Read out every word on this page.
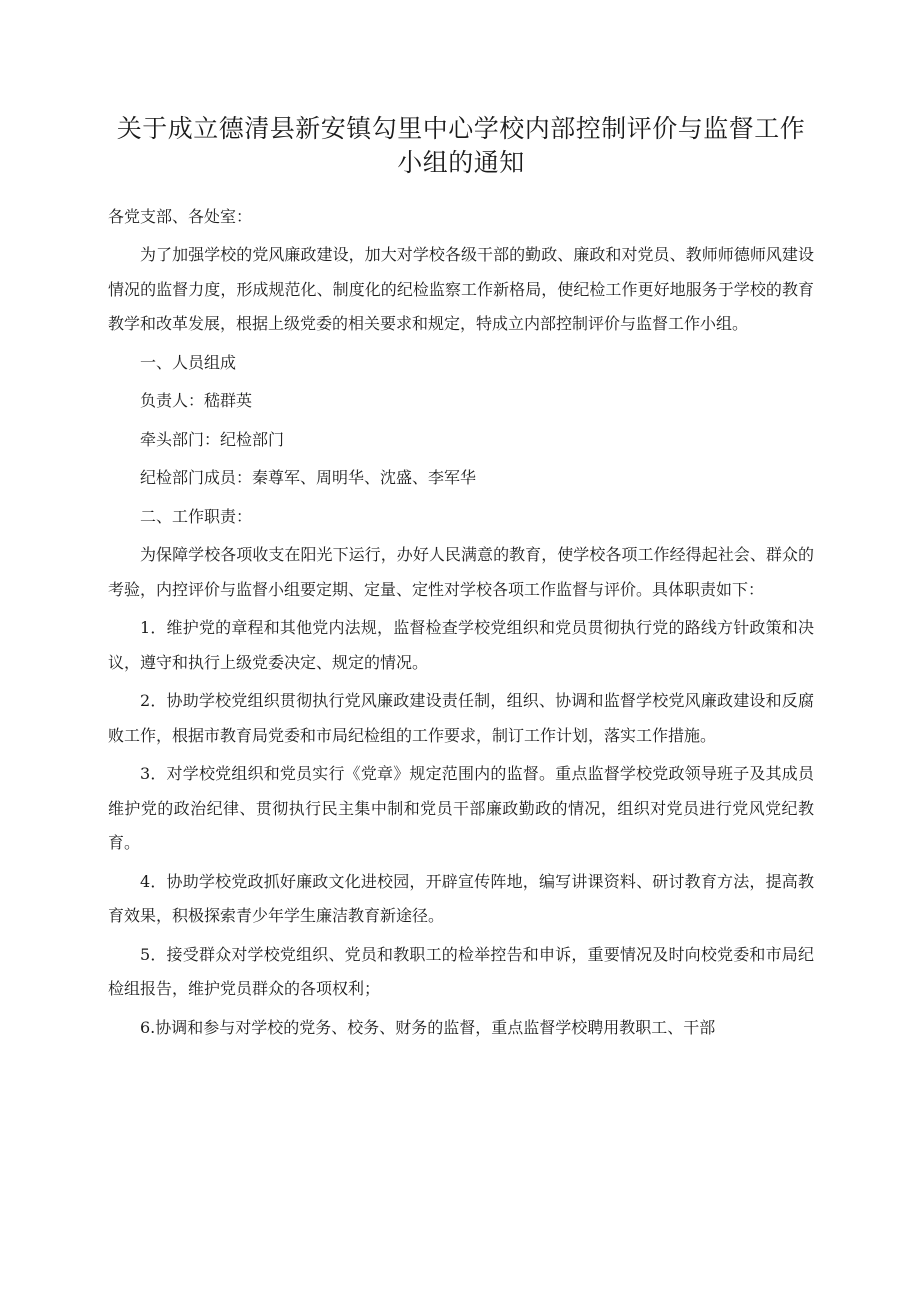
关于成立德清县新安镇勾里中心学校内部控制评价与监督工作小组的通知
各党支部、各处室：

为了加强学校的党风廉政建设，加大对学校各级干部的勤政、廉政和对党员、教师师德师风建设情况的监督力度，形成规范化、制度化的纪检监察工作新格局，使纪检工作更好地服务于学校的教育教学和改革发展，根据上级党委的相关要求和规定，特成立内部控制评价与监督工作小组。

一、人员组成

负责人：嵇群英

牵头部门：纪检部门

纪检部门成员：秦尊军、周明华、沈盛、李军华

二、工作职责：

为保障学校各项收支在阳光下运行，办好人民满意的教育，使学校各项工作经得起社会、群众的考验，内控评价与监督小组要定期、定量、定性对学校各项工作监督与评价。具体职责如下：

1．维护党的章程和其他党内法规，监督检查学校党组织和党员贯彻执行党的路线方针政策和决议，遵守和执行上级党委决定、规定的情况。

2．协助学校党组织贯彻执行党风廉政建设责任制，组织、协调和监督学校党风廉政建设和反腐败工作，根据市教育局党委和市局纪检组的工作要求，制订工作计划，落实工作措施。

3．对学校党组织和党员实行《党章》规定范围内的监督。重点监督学校党政领导班子及其成员维护党的政治纪律、贯彻执行民主集中制和党员干部廉政勤政的情况，组织对党员进行党风党纪教育。

4．协助学校党政抓好廉政文化进校园，开辟宣传阵地，编写讲课资料、研讨教育方法，提高教育效果，积极探索青少年学生廉洁教育新途径。

5．接受群众对学校党组织、党员和教职工的检举控告和申诉，重要情况及时向校党委和市局纪检组报告，维护党员群众的各项权利；

6.协调和参与对学校的党务、校务、财务的监督，重点监督学校聘用教职工、干部
